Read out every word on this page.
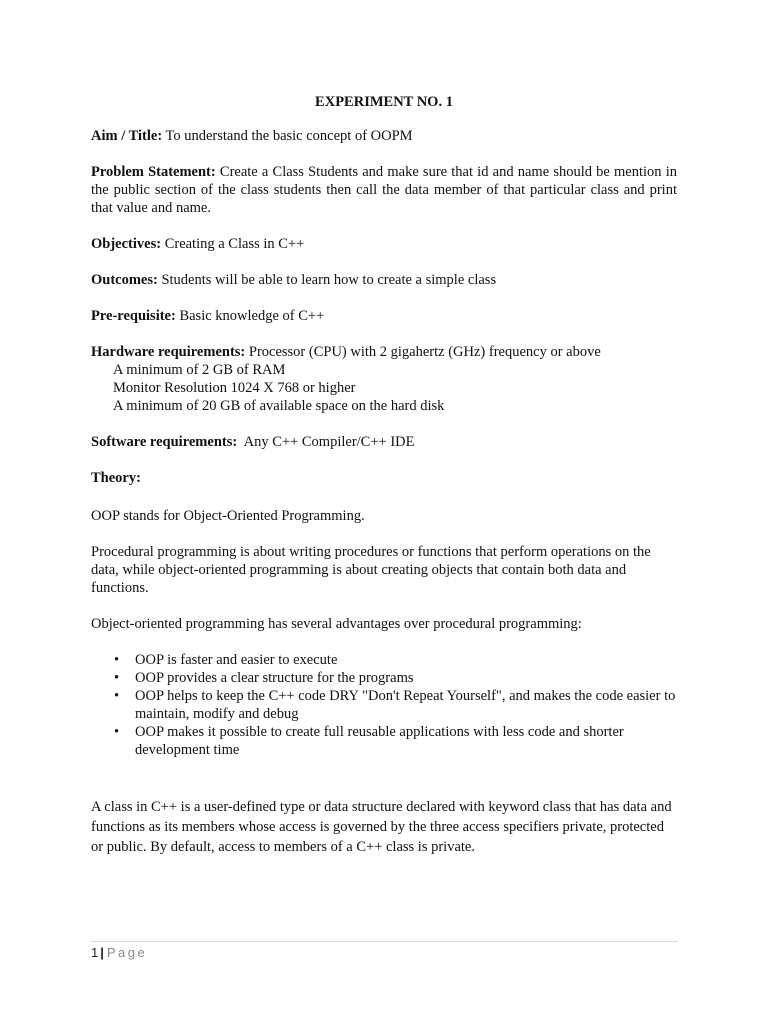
EXPERIMENT NO. 1
Aim / Title: To understand the basic concept of OOPM
Problem Statement: Create a Class Students and make sure that id and name should be mention in the public section of the class students then call the data member of that particular class and print that value and name.
Objectives: Creating a Class in C++
Outcomes: Students will be able to learn how to create a simple class
Pre-requisite: Basic knowledge of C++
Hardware requirements: Processor (CPU) with 2 gigahertz (GHz) frequency or above
A minimum of 2 GB of RAM
Monitor Resolution 1024 X 768 or higher
A minimum of 20 GB of available space on the hard disk
Software requirements:  Any C++ Compiler/C++ IDE
Theory:
OOP stands for Object-Oriented Programming.
Procedural programming is about writing procedures or functions that perform operations on the data, while object-oriented programming is about creating objects that contain both data and functions.
Object-oriented programming has several advantages over procedural programming:
• OOP is faster and easier to execute
• OOP provides a clear structure for the programs
• OOP helps to keep the C++ code DRY "Don't Repeat Yourself", and makes the code easier to maintain, modify and debug
• OOP makes it possible to create full reusable applications with less code and shorter development time
A class in C++ is a user-defined type or data structure declared with keyword class that has data and functions as its members whose access is governed by the three access specifiers private, protected or public. By default, access to members of a C++ class is private.
1 | Page
